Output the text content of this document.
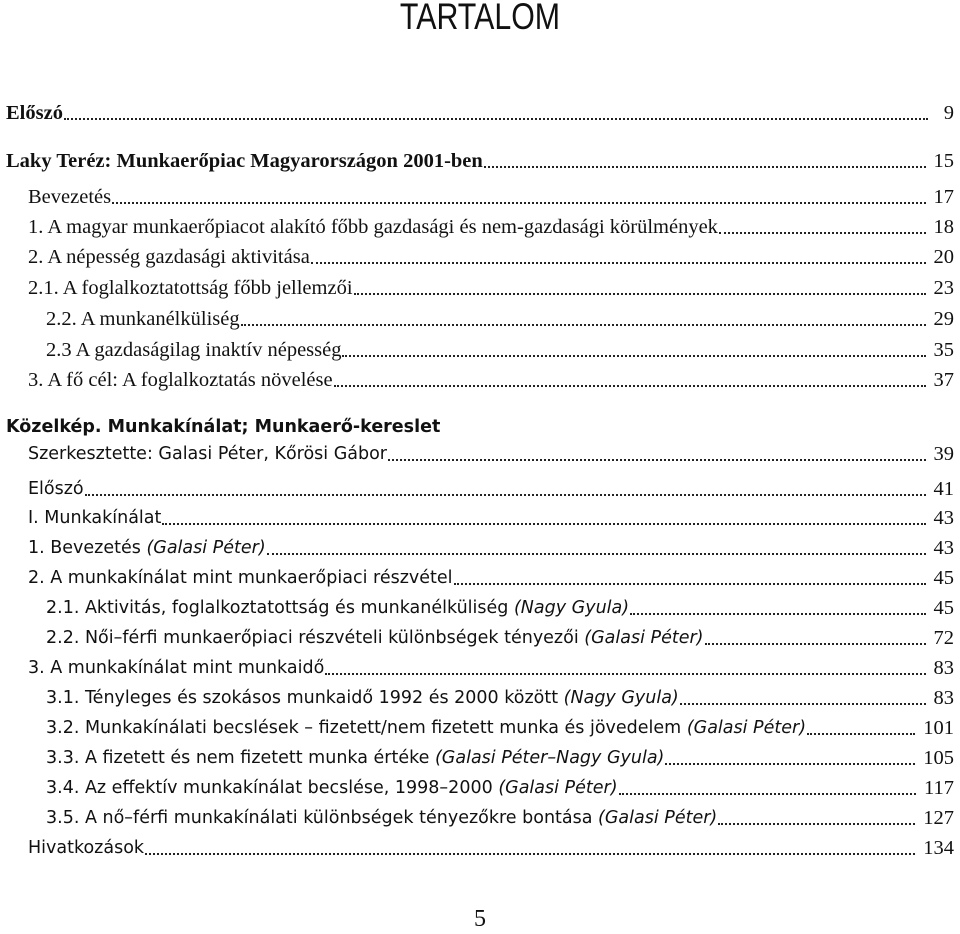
TARTALOM
Előszó	9
Laky Teréz: Munkaerőpiac Magyarországon 2001-ben	15
Bevezetés	17
1. A magyar munkaerőpiacot alakító főbb gazdasági és nem-gazdasági körülmények	18
2. A népesség gazdasági aktivitása	20
2.1. A foglalkoztatottság főbb jellemzői	23
2.2. A munkanélküliség	29
2.3 A gazdaságilag inaktív népesség	35
3. A fő cél: A foglalkoztatás növelése	37
Közelkép. Munkakínálat; Munkaerő-kereslet
Szerkesztette: Galasi Péter, Kőrösi Gábor	39
Előszó	41
I. Munkakínálat	43
1. Bevezetés (Galasi Péter)	43
2. A munkakínálat mint munkaerőpiaci részvétel	45
2.1. Aktivitás, foglalkoztatottság és munkanélküliség (Nagy Gyula)	45
2.2. Női–férfi munkaerőpiaci részvételi különbségek tényezői (Galasi Péter)	72
3. A munkakínálat mint munkaidő	83
3.1. Tényleges és szokásos munkaidő 1992 és 2000 között (Nagy Gyula)	83
3.2. Munkakínálati becslések – fizetett/nem fizetett munka és jövedelem (Galasi Péter)	101
3.3. A fizetett és nem fizetett munka értéke (Galasi Péter–Nagy Gyula)	105
3.4. Az effektív munkakínálat becslése, 1998–2000 (Galasi Péter)	117
3.5. A nő–férfi munkakínálati különbségek tényezőkre bontása (Galasi Péter)	127
Hivatkozások	134
5
